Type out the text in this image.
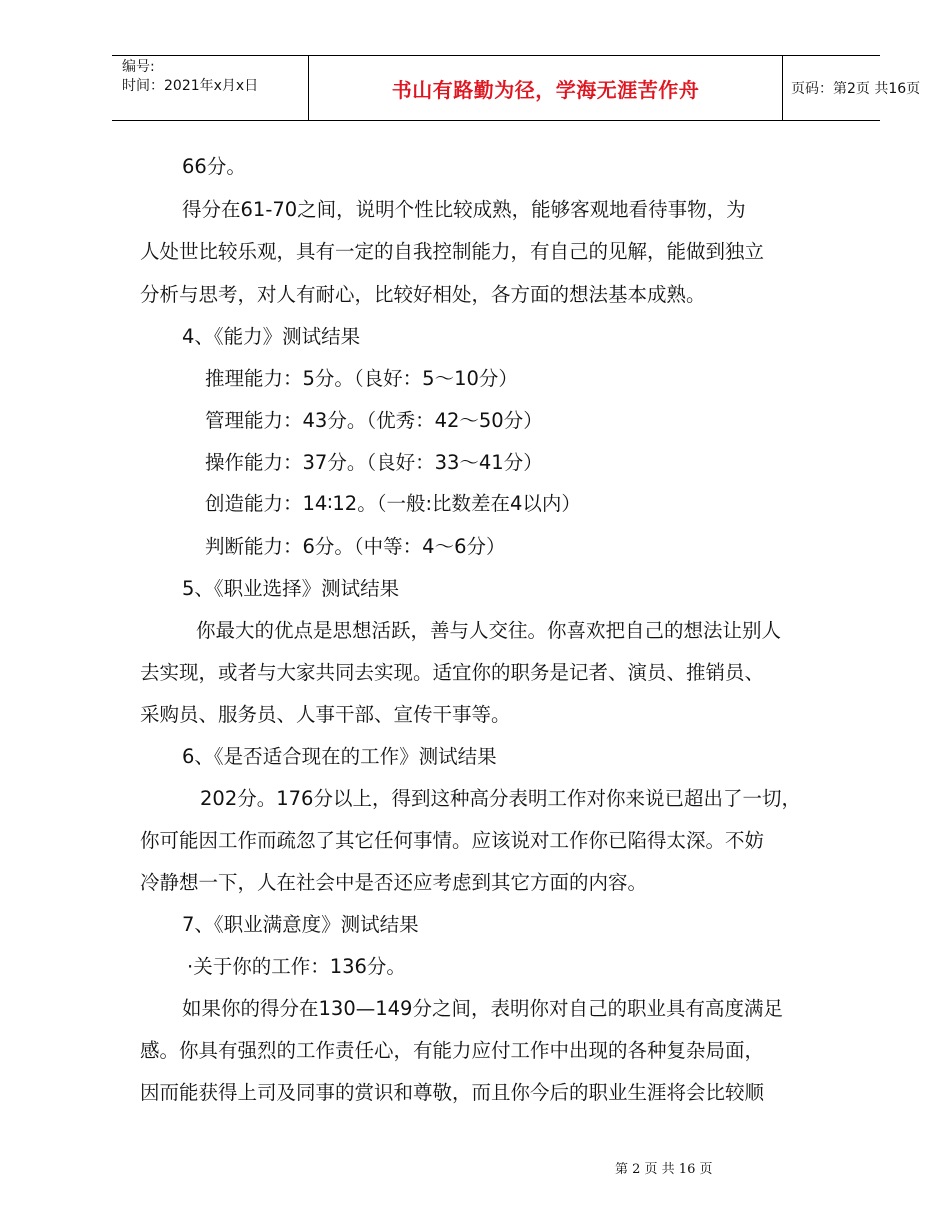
编号:
时间：2021年x月x日	书山有路勤为径，学海无涯苦作舟	页码：第2页 共16页
66分。
得分在61-70之间，说明个性比较成熟，能够客观地看待事物，为
人处世比较乐观，具有一定的自我控制能力，有自己的见解，能做到独立
分析与思考，对人有耐心，比较好相处，各方面的想法基本成熟。
4、《能力》测试结果
推理能力：5分。（良好：5～10分）
管理能力：43分。（优秀：42～50分）
操作能力：37分。（良好：33～41分）
创造能力：14∶12。（一般:比数差在4以内）
判断能力：6分。（中等：4～6分）
5、《职业选择》测试结果
你最大的优点是思想活跃，善与人交往。你喜欢把自己的想法让别人
去实现，或者与大家共同去实现。适宜你的职务是记者、演员、推销员、
采购员、服务员、人事干部、宣传干事等。
6、《是否适合现在的工作》测试结果
202分。176分以上，得到这种高分表明工作对你来说已超出了一切，
你可能因工作而疏忽了其它任何事情。应该说对工作你已陷得太深。不妨
冷静想一下，人在社会中是否还应考虑到其它方面的内容。
7、《职业满意度》测试结果
·关于你的工作：136分。
如果你的得分在130—149分之间，表明你对自己的职业具有高度满足
感。你具有强烈的工作责任心，有能力应付工作中出现的各种复杂局面，
因而能获得上司及同事的赏识和尊敬，而且你今后的职业生涯将会比较顺
第 2 页 共 16 页
